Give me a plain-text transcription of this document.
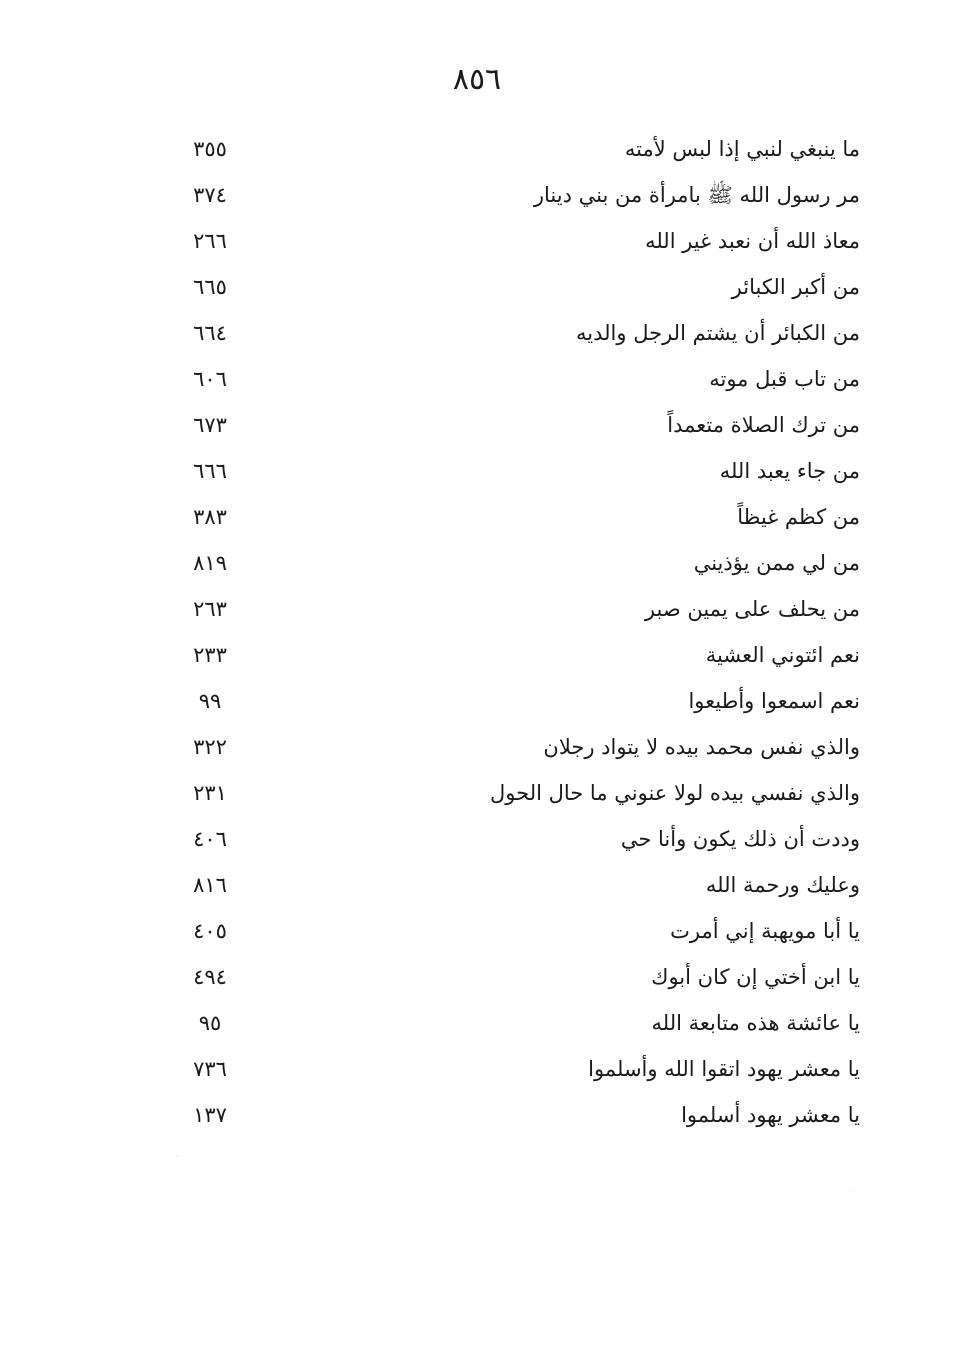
٨٥٦
ما ينبغي لنبي إذا لبس لأمته
٣٥٥
مر رسول الله ﷺ بامرأة من بني دينار
٣٧٤
معاذ الله أن نعبد غير الله
٢٦٦
من أكبر الكبائر
٦٦٥
من الكبائر أن يشتم الرجل والديه
٦٦٤
من تاب قبل موته
٦٠٦
من ترك الصلاة متعمداً
٦٧٣
من جاء يعبد الله
٦٦٦
من كظم غيظاً
٣٨٣
من لي ممن يؤذيني
٨١٩
من يحلف على يمين صبر
٢٦٣
نعم ائتوني العشية
٢٣٣
نعم اسمعوا وأطيعوا
٩٩
والذي نفس محمد بيده لا يتواد رجلان
٣٢٢
والذي نفسي بيده لولا عنوني ما حال الحول
٢٣١
وددت أن ذلك يكون وأنا حي
٤٠٦
وعليك ورحمة الله
٨١٦
يا أبا مويهبة إني أمرت
٤٠٥
يا ابن أختي إن كان أبوك
٤٩٤
يا عائشة هذه متابعة الله
٩٥
يا معشر يهود اتقوا الله وأسلموا
٧٣٦
يا معشر يهود أسلموا
١٣٧
